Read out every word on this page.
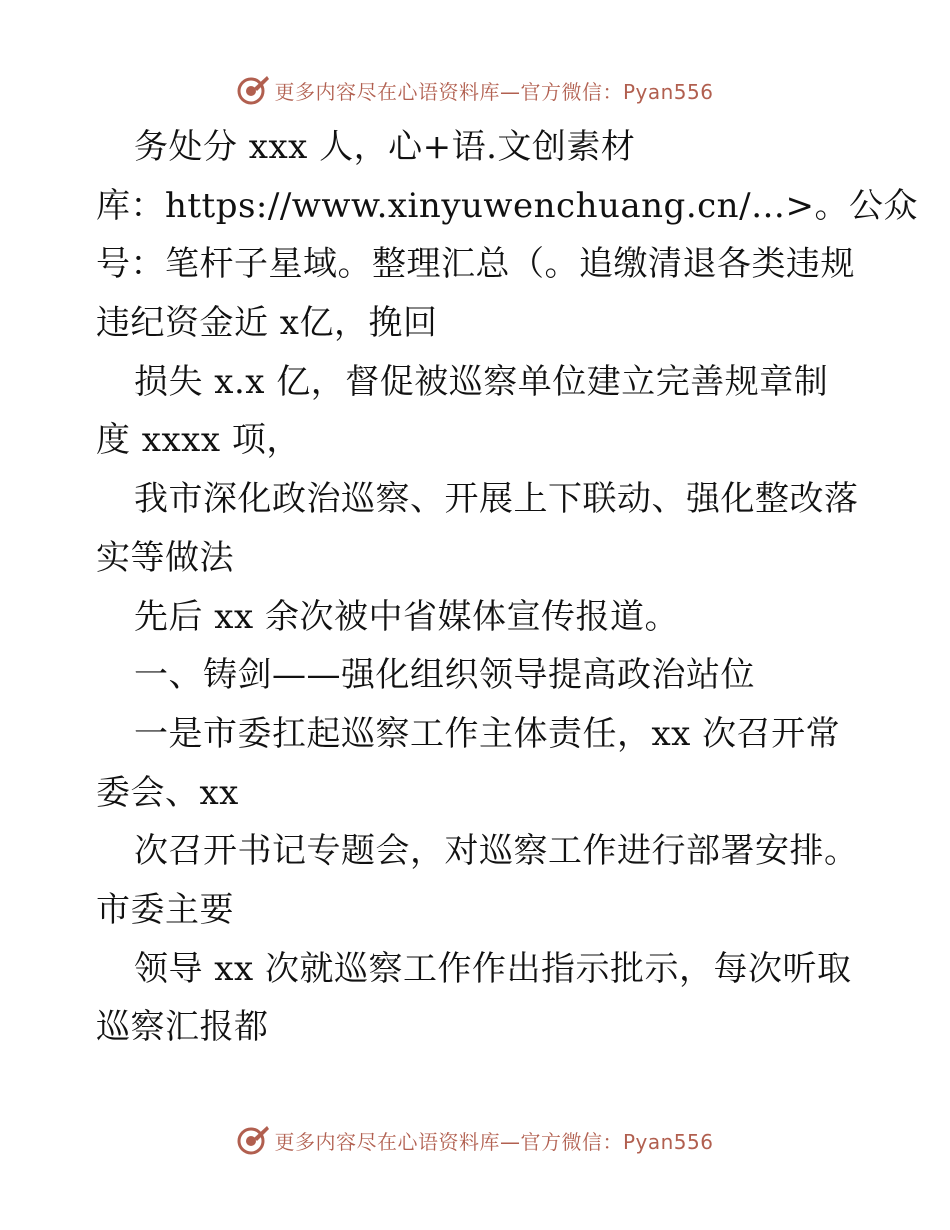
更多内容尽在心语资料库—官方微信：Pyan556
务处分 xxx 人，心+语.文创素材
库：https://www.xinyuwenchuang.cn/…>。公众
号：笔杆子星域。整理汇总（。追缴清退各类违规
违纪资金近 x亿，挽回
损失 x.x 亿，督促被巡察单位建立完善规章制
度 xxxx 项，
我市深化政治巡察、开展上下联动、强化整改落
实等做法
先后 xx 余次被中省媒体宣传报道。
一、铸剑——强化组织领导提高政治站位
一是市委扛起巡察工作主体责任，xx 次召开常
委会、xx
次召开书记专题会，对巡察工作进行部署安排。
市委主要
领导 xx 次就巡察工作作出指示批示，每次听取
巡察汇报都
更多内容尽在心语资料库—官方微信：Pyan556
